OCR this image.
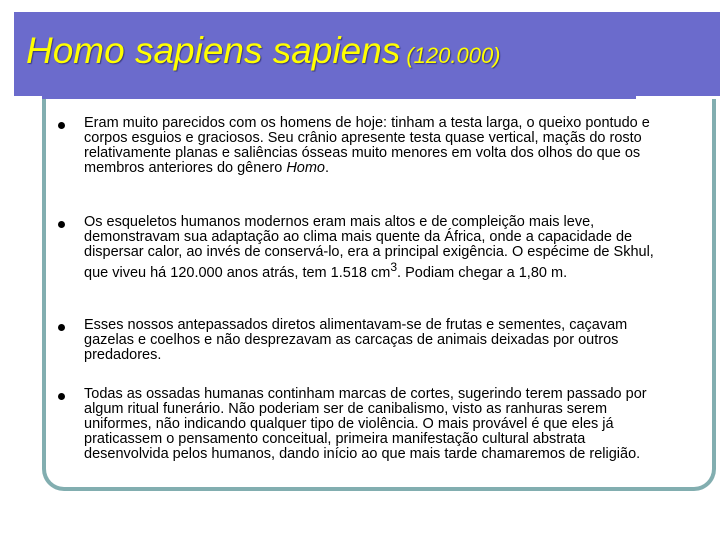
Homo sapiens sapiens (120.000)
Eram muito parecidos com os homens de hoje: tinham a testa larga, o queixo pontudo e corpos esguios e graciosos. Seu crânio apresente testa quase vertical, maçãs do rosto relativamente planas e saliências ósseas muito menores em volta dos olhos do que os membros anteriores do gênero Homo.
Os esqueletos humanos modernos eram mais altos e de compleição mais leve, demonstravam sua adaptação ao clima mais quente da África, onde a capacidade de dispersar calor, ao invés de conservá-lo, era a principal exigência. O espécime de Skhul, que viveu há 120.000 anos atrás, tem 1.518 $cm^3$. Podiam chegar a 1,80 m.
Esses nossos antepassados diretos alimentavam-se de frutas e sementes, caçavam gazelas e coelhos e não desprezavam as carcaças de animais deixadas por outros predadores.
Todas as ossadas humanas continham marcas de cortes, sugerindo terem passado por algum ritual funerário. Não poderiam ser de canibalismo, visto as ranhuras serem uniformes, não indicando qualquer tipo de violência. O mais provável é que eles já praticassem o pensamento conceitual, primeira manifestação cultural abstrata desenvolvida pelos humanos, dando início ao que mais tarde chamaremos de religião.
